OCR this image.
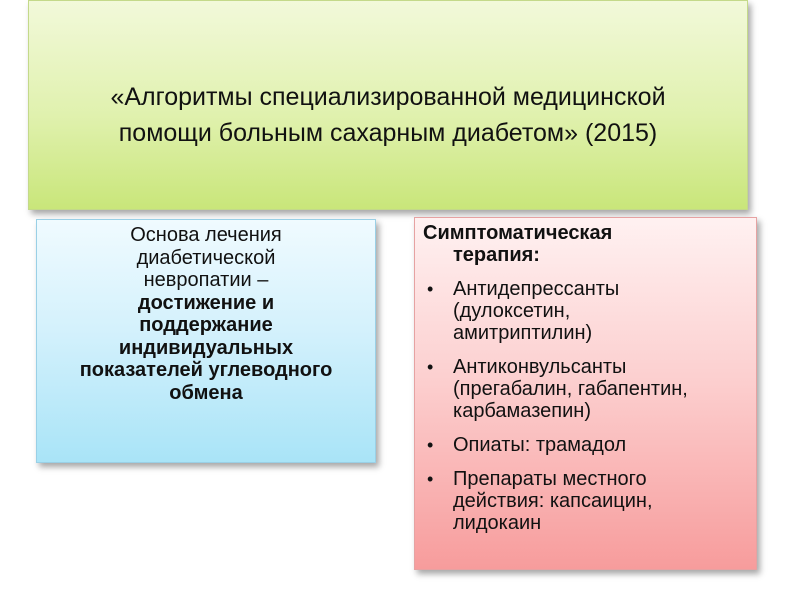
«Алгоритмы специализированной медицинской
помощи больным сахарным диабетом» (2015)
Основа лечения
диабетической
невропатии –
достижение и
поддержание
индивидуальных
показателей углеводного
обмена
Симптоматическая
терапия:
• Антидепрессанты
(дулоксетин,
амитриптилин)
• Антиконвульсанты
(прегабалин, габапентин,
карбамазепин)
• Опиаты: трамадол
• Препараты местного
действия: капсаицин,
лидокаин
